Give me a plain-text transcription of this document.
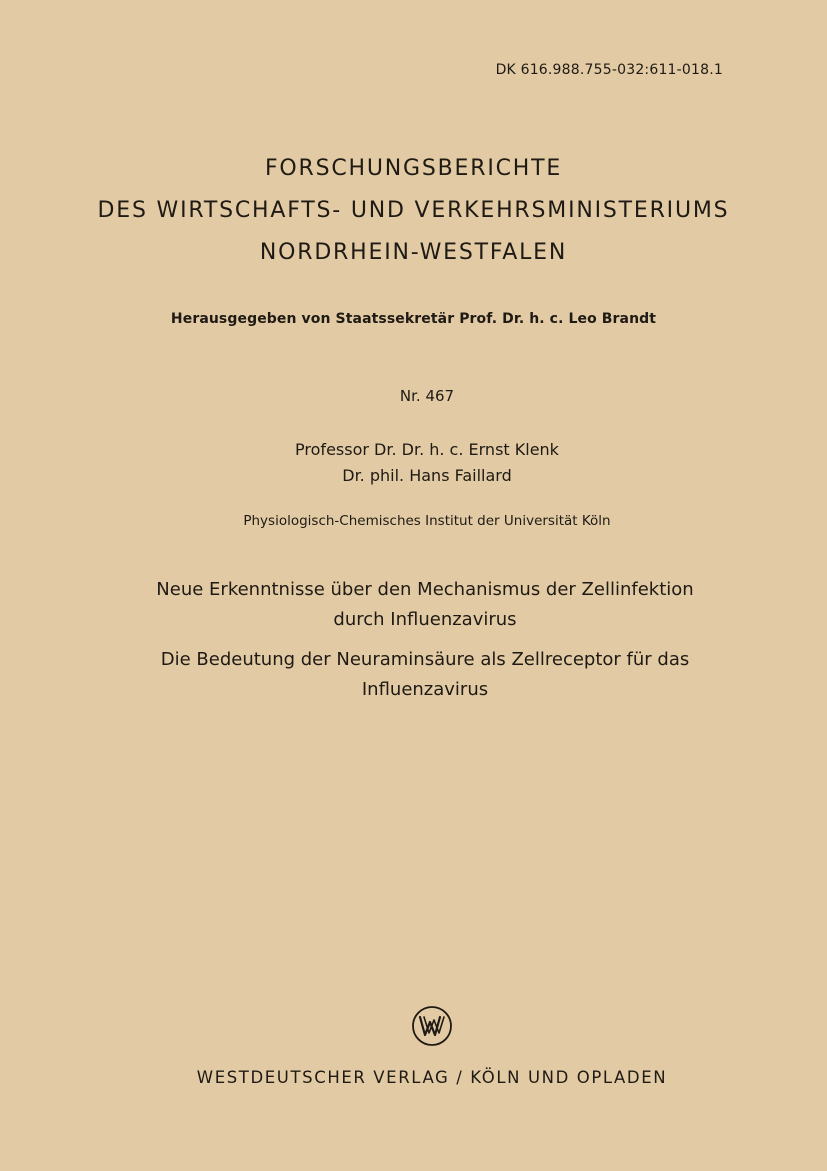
DK 616.988.755-032:611-018.1
FORSCHUNGSBERICHTE
DES WIRTSCHAFTS- UND VERKEHRSMINISTERIUMS
NORDRHEIN-WESTFALEN
Herausgegeben von Staatssekretär Prof. Dr. h. c. Leo Brandt
Nr. 467
Professor Dr. Dr. h. c. Ernst Klenk
Dr. phil. Hans Faillard
Physiologisch-Chemisches Institut der Universität Köln
Neue Erkenntnisse über den Mechanismus der Zellinfektion
durch Influenzavirus
Die Bedeutung der Neuraminsäure als Zellreceptor für das
Influenzavirus
WESTDEUTSCHER VERLAG / KÖLN UND OPLADEN
